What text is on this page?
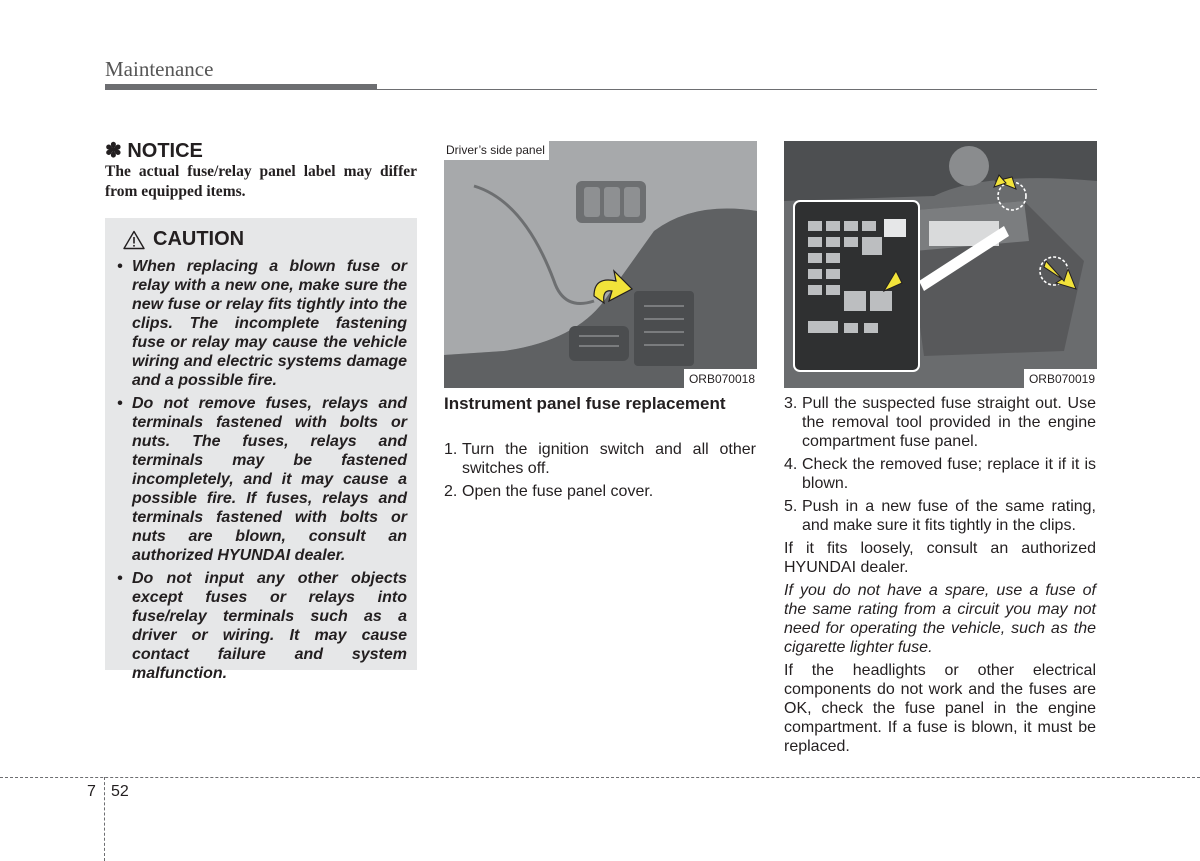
Maintenance
✽ NOTICE
The actual fuse/relay panel label may differ from equipped items.
CAUTION
• When replacing a blown fuse or relay with a new one, make sure the new fuse or relay fits tightly into the clips. The incomplete fastening fuse or relay may cause the vehicle wiring and electric systems damage and a possible fire.
• Do not remove fuses, relays and terminals fastened with bolts or nuts. The fuses, relays and terminals may be fastened incompletely, and it may cause a possible fire. If fuses, relays and terminals fastened with bolts or nuts are blown, consult an authorized HYUNDAI dealer.
• Do not input any other objects except fuses or relays into fuse/relay terminals such as a driver or wiring. It may cause contact failure and system malfunction.
Driver’s side panel
ORB070018
Instrument panel fuse replacement
1. Turn the ignition switch and all other switches off.
2. Open the fuse panel cover.
ORB070019
3. Pull the suspected fuse straight out. Use the removal tool provided in the engine compartment fuse panel.
4. Check the removed fuse; replace it if it is blown.
5. Push in a new fuse of the same rating, and make sure it fits tightly in the clips.
If it fits loosely, consult an authorized HYUNDAI dealer.
If you do not have a spare, use a fuse of the same rating from a circuit you may not need for operating the vehicle, such as the cigarette lighter fuse.
If the headlights or other electrical components do not work and the fuses are OK, check the fuse panel in the engine compartment. If a fuse is blown, it must be replaced.
7 52
